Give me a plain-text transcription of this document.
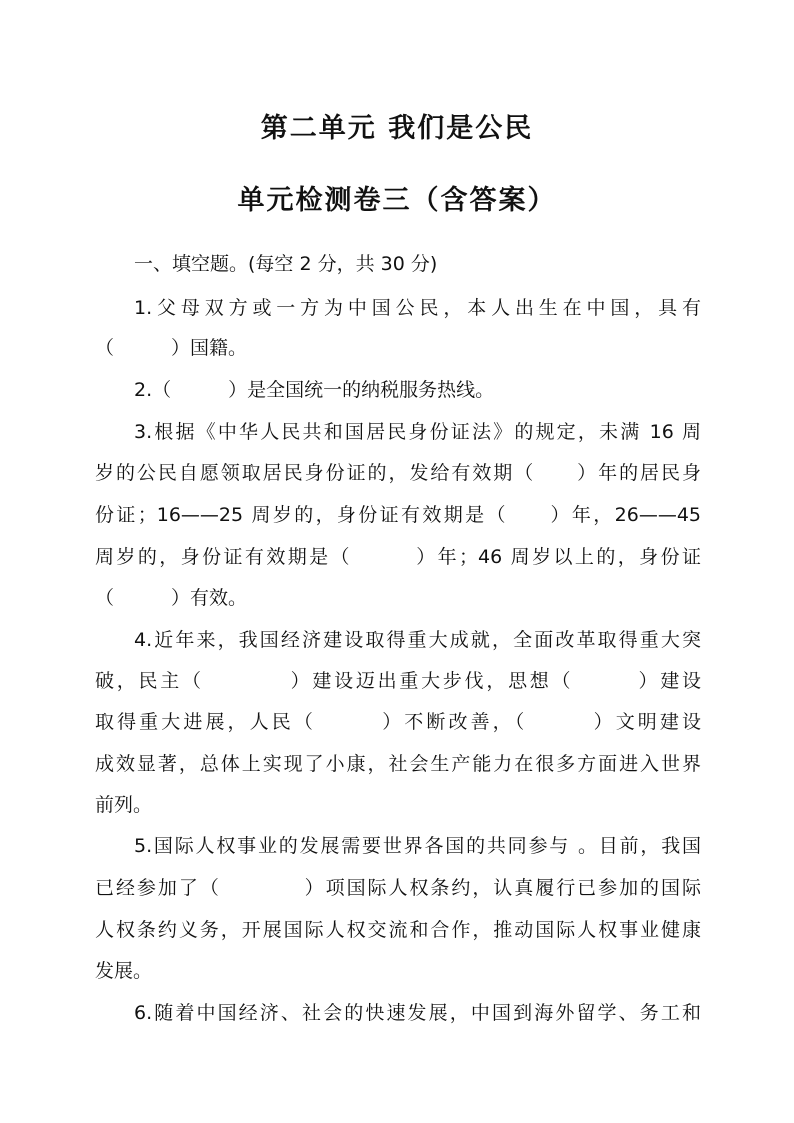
第二单元 我们是公民
单元检测卷三（含答案）
一、填空题。(每空 2 分，共 30 分)
1.父母双方或一方为中国公民，本人出生在中国，具有
（　　　）国籍。
2.（　　　）是全国统一的纳税服务热线。
3.根据《中华人民共和国居民身份证法》的规定，未满 16 周
岁的公民自愿领取居民身份证的，发给有效期（　　）年的居民身
份证；16——25 周岁的，身份证有效期是（　　）年，26——45
周岁的，身份证有效期是（　　　）年；46 周岁以上的，身份证
（　　　）有效。
4.近年来，我国经济建设取得重大成就，全面改革取得重大突
破，民主（　　　　）建设迈出重大步伐，思想（　　　）建设
取得重大进展，人民（　　　）不断改善，（　　　）文明建设
成效显著，总体上实现了小康，社会生产能力在很多方面进入世界
前列。
5.国际人权事业的发展需要世界各国的共同参与 。目前，我国
已经参加了（　　　　）项国际人权条约，认真履行已参加的国际
人权条约义务，开展国际人权交流和合作，推动国际人权事业健康
发展。
6.随着中国经济、社会的快速发展，中国到海外留学、务工和
